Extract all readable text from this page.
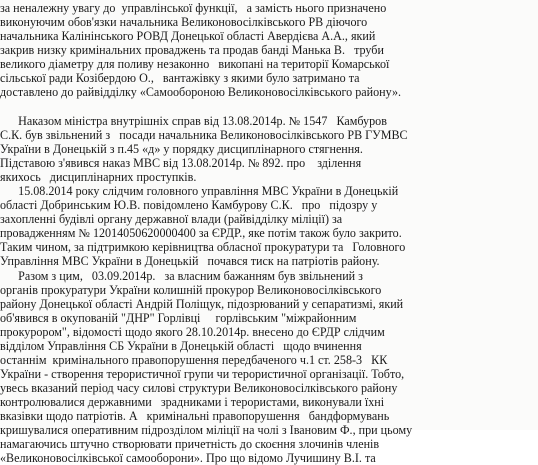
за неналежну увагу до  управлінської функції,   а замість нього призначено
виконуючим обов'язки начальника Великоновосілківського РВ діючого
начальника Калінінського РОВД Донецької області Авердієва А.А., який
закрив низку кримінальних проваджень та продав банді Манька В.   труби
великого діаметру для поливу незаконно   викопані на території Комарської
сільської ради Козібердою О.,   вантажівку з якими було затримано та
доставлено до райвідділку «Самообороною Великоновосілківського району».
Наказом міністра внутрішніх справ від 13.08.2014р. № 1547   Камбуров
С.К. був звільнений з   посади начальника Великоновосілківського РВ ГУМВС
України в Донецькій з п.45 «д» у порядку дисциплінарного стягнення.
Підставою з'явився наказ МВС від 13.08.2014р. № 892. про    зділення
якихось   дисциплінарних проступків.
15.08.2014 року слідчим головного управління МВС України в Донецькій
області Добринським Ю.В. повідомлено Камбурову С.К.   про   підозру у
захопленні будівлі органу державної влади (райвідділку міліції) за
провадженням № 12014050620000400 за ЄРДР., яке потім також було закрито.
Таким чином, за підтримкою керівництва обласної прокуратури та   Головного
Управління МВС України в Донецькій   почався тиск на патріотів району.
Разом з цим,   03.09.2014р.   за власним бажанням був звільнений з
органів прокуратури України колишній прокурор Великоновосілківського
району Донецької області Андрій Поліщук, підозрюваний у сепаратизмі, який
об'явився в окупованій "ДНР" Горлівці     горлівським "міжрайонним
прокурором", відомості щодо якого 28.10.2014р. внесено до ЄРДР слідчим
відділом Управління СБ України в Донецькій області   щодо вчинення
останнім  кримінального правопорушення передбаченого ч.1 ст. 258-3   КК
України - створення терористичної групи чи терористичної організації. Тобто,
увесь вказаний період часу силові структури Великоновосілківського району
контролювалися державними   зрадниками і терористами, виконували їхні
вказівки щодо патріотів. А   кримінальні правопорушення   бандформувань
кришувалися оперативним підрозділом міліції на чолі з Івановим Ф., при цьому
намагаючись штучно створювати причетність до скоєння злочинів членів
«Великоновосілківської самооборони». Про що відомо Лучишину В.І. та
